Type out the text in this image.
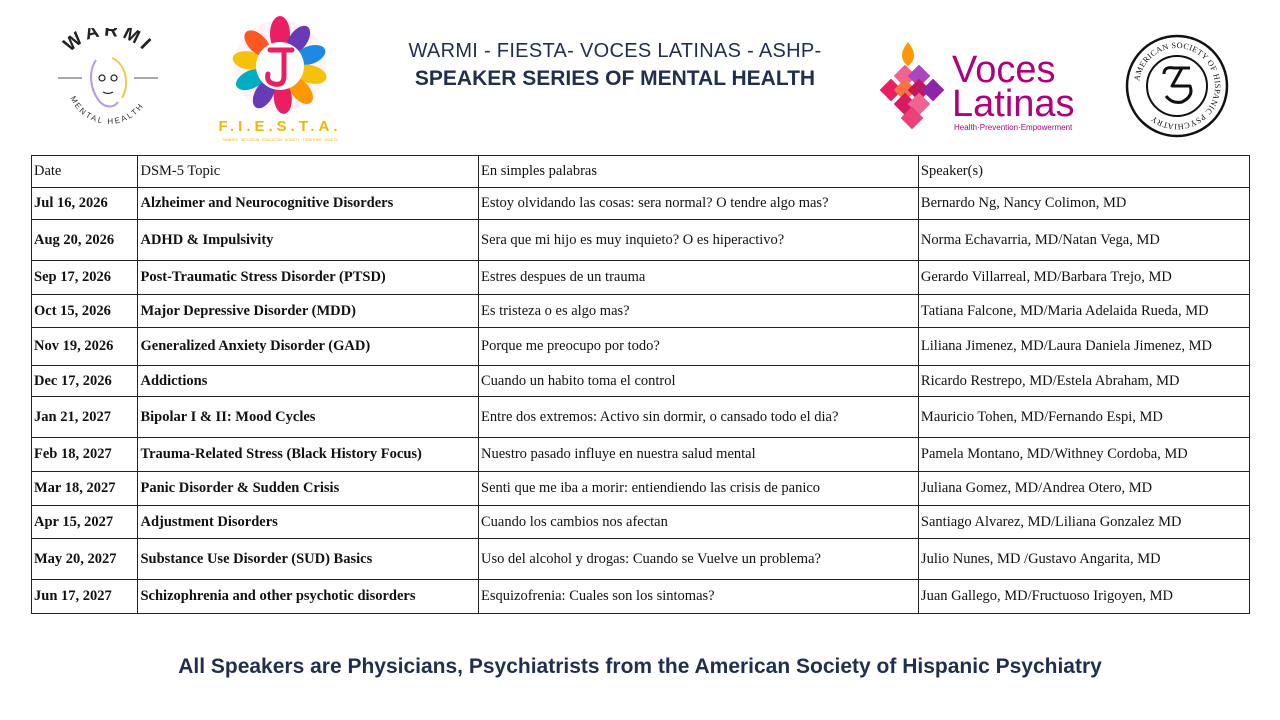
WARMI
MENTAL HEALTH
F.I.E.S.T.A.
FAMILIES · INCLUSION · EDUCATION · SOCIETY · TOGETHER · ADULTS
WARMI - FIESTA- VOCES LATINAS - ASHP-
SPEAKER SERIES OF MENTAL HEALTH	Voces
Latinas
Health·Prevention·Empowerment
AMERICAN SOCIETY OF HISPANIC PSYCHIATRY
Date	DSM-5 Topic	En simples palabras	Speaker(s)
Jul 16, 2026	Alzheimer and Neurocognitive Disorders	Estoy olvidando las cosas: sera normal? O tendre algo mas?	Bernardo Ng, Nancy Colimon, MD
Aug 20, 2026	ADHD & Impulsivity	Sera que mi hijo es muy inquieto? O es hiperactivo?	Norma Echavarria, MD/Natan Vega, MD
Sep 17, 2026	Post-Traumatic Stress Disorder (PTSD)	Estres despues de un trauma	Gerardo Villarreal, MD/Barbara Trejo, MD
Oct 15, 2026	Major Depressive Disorder (MDD)	Es tristeza o es algo mas?	Tatiana Falcone, MD/Maria Adelaida Rueda, MD
Nov 19, 2026	Generalized Anxiety Disorder (GAD)	Porque me preocupo por todo?	Liliana Jimenez, MD/Laura Daniela Jimenez, MD
Dec 17, 2026	Addictions	Cuando un habito toma el control	Ricardo Restrepo, MD/Estela Abraham, MD
Jan 21, 2027	Bipolar I & II: Mood Cycles	Entre dos extremos: Activo sin dormir, o cansado todo el dia?	Mauricio Tohen, MD/Fernando Espi, MD
Feb 18, 2027	Trauma-Related Stress (Black History Focus)	Nuestro pasado influye en nuestra salud mental	Pamela Montano, MD/Withney Cordoba, MD
Mar 18, 2027	Panic Disorder & Sudden Crisis	Senti que me iba a morir: entiendiendo las crisis de panico	Juliana Gomez, MD/Andrea Otero, MD
Apr 15, 2027	Adjustment Disorders	Cuando los cambios nos afectan	Santiago Alvarez, MD/Liliana Gonzalez MD
May 20, 2027	Substance Use Disorder (SUD) Basics	Uso del alcohol y drogas: Cuando se Vuelve un problema?	Julio Nunes, MD /Gustavo Angarita, MD
Jun 17, 2027	Schizophrenia and other psychotic disorders	Esquizofrenia: Cuales son los sintomas?	Juan Gallego, MD/Fructuoso Irigoyen, MD
All Speakers are Physicians, Psychiatrists from the American Society of Hispanic Psychiatry
